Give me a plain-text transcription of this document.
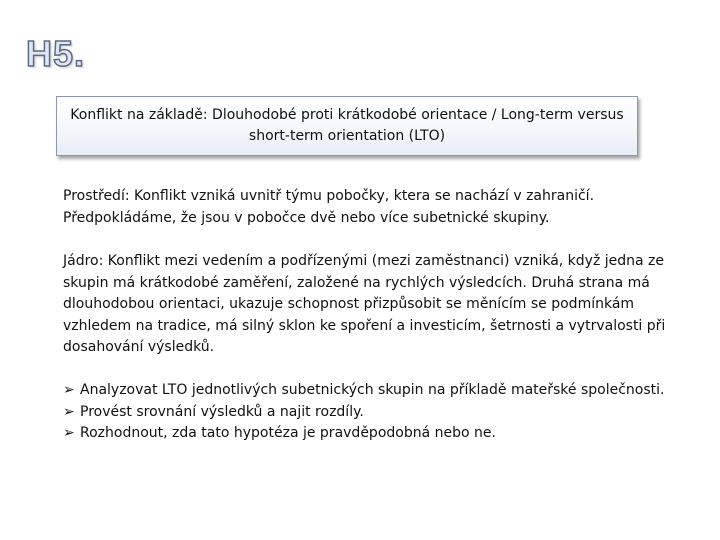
H5.
Konflikt na základě: Dlouhodobé proti krátkodobé orientace / Long-term versus short-term orientation (LTO)

Prostředí: Konflikt vzniká uvnitř týmu pobočky, ktera se nachází v zahraničí. Předpokládáme, že jsou v pobočce dvě nebo více subetnické skupiny.

Jádro: Konflikt mezi vedením a podřízenými (mezi zaměstnanci) vzniká, když jedna ze skupin má krátkodobé zaměření, založené na rychlých výsledcích. Druhá strana má dlouhodobou orientaci, ukazuje schopnost přizpůsobit se měnícím se podmínkám vzhledem na tradice, má silný sklon ke spoření a investicím, šetrnosti a vytrvalosti při dosahování výsledků.

➢ Analyzovat LTO jednotlivých subetnických skupin na příkladě mateřské společnosti.
➢ Provést srovnání výsledků a najit rozdíly.
➢ Rozhodnout, zda tato hypotéza je pravděpodobná nebo ne.
